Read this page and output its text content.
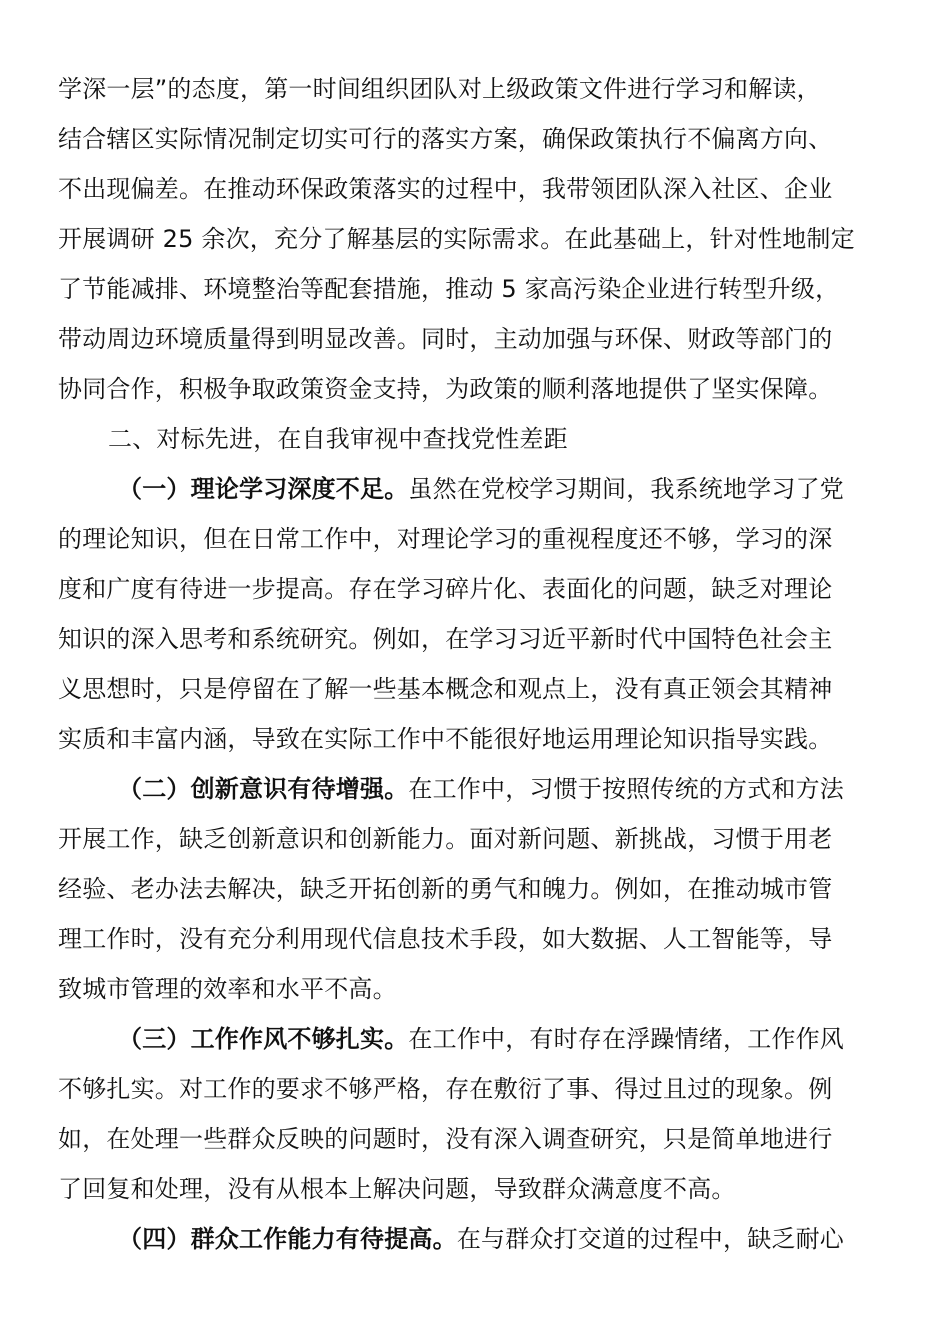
学深一层”的态度，第一时间组织团队对上级政策文件进行学习和解读，
结合辖区实际情况制定切实可行的落实方案，确保政策执行不偏离方向、
不出现偏差。在推动环保政策落实的过程中，我带领团队深入社区、企业
开展调研 25 余次，充分了解基层的实际需求。在此基础上，针对性地制定
了节能减排、环境整治等配套措施，推动 5 家高污染企业进行转型升级，
带动周边环境质量得到明显改善。同时，主动加强与环保、财政等部门的
协同合作，积极争取政策资金支持，为政策的顺利落地提供了坚实保障。
二、对标先进，在自我审视中查找党性差距
（一）理论学习深度不足。虽然在党校学习期间，我系统地学习了党
的理论知识，但在日常工作中，对理论学习的重视程度还不够，学习的深
度和广度有待进一步提高。存在学习碎片化、表面化的问题，缺乏对理论
知识的深入思考和系统研究。例如，在学习习近平新时代中国特色社会主
义思想时，只是停留在了解一些基本概念和观点上，没有真正领会其精神
实质和丰富内涵，导致在实际工作中不能很好地运用理论知识指导实践。
（二）创新意识有待增强。在工作中，习惯于按照传统的方式和方法
开展工作，缺乏创新意识和创新能力。面对新问题、新挑战，习惯于用老
经验、老办法去解决，缺乏开拓创新的勇气和魄力。例如，在推动城市管
理工作时，没有充分利用现代信息技术手段，如大数据、人工智能等，导
致城市管理的效率和水平不高。
（三）工作作风不够扎实。在工作中，有时存在浮躁情绪，工作作风
不够扎实。对工作的要求不够严格，存在敷衍了事、得过且过的现象。例
如，在处理一些群众反映的问题时，没有深入调查研究，只是简单地进行
了回复和处理，没有从根本上解决问题，导致群众满意度不高。
（四）群众工作能力有待提高。在与群众打交道的过程中，缺乏耐心
